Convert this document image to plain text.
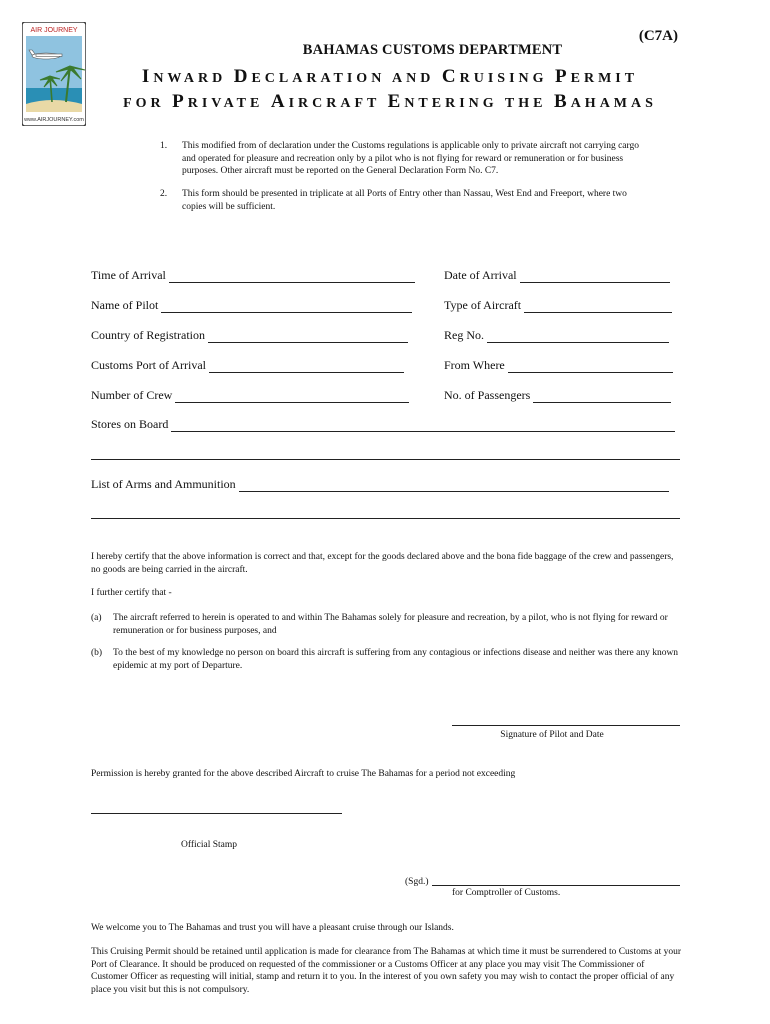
AIR JOURNEY
www.AIRJOURNEY.com
(C7A)
BAHAMAS CUSTOMS DEPARTMENT
INWARD DECLARATION AND CRUISING PERMIT
FOR PRIVATE AIRCRAFT ENTERING THE BAHAMAS
1. This modified from of declaration under the Customs regulations is applicable only to private aircraft not carrying cargo and operated for pleasure and recreation only by a pilot who is not flying for reward or remuneration or for business purposes. Other aircraft must be reported on the General Declaration Form No. C7.
2. This form should be presented in triplicate at all Ports of Entry other than Nassau, West End and Freeport, where two copies will be sufficient.
Time of Arrival	Date of Arrival
Name of Pilot	Type of Aircraft
Country of Registration	Reg No.
Customs Port of Arrival	From Where
Number of Crew	No. of Passengers
Stores on Board
List of Arms and Ammunition
I hereby certify that the above information is correct and that, except for the goods declared above and the bona fide baggage of the crew and passengers, no goods are being carried in the aircraft.
I further certify that -
(a) The aircraft referred to herein is operated to and within The Bahamas solely for pleasure and recreation, by a pilot, who is not flying for reward or remuneration or for business purposes, and
(b) To the best of my knowledge no person on board this aircraft is suffering from any contagious or infections disease and neither was there any known epidemic at my port of Departure.
Signature of Pilot and Date
Permission is hereby granted for the above described Aircraft to cruise The Bahamas for a period not exceeding
Official Stamp
(Sgd.)
for Comptroller of Customs.
We welcome you to The Bahamas and trust you will have a pleasant cruise through our Islands.
This Cruising Permit should be retained until application is made for clearance from The Bahamas at which time it must be surrendered to Customs at your Port of Clearance. It should be produced on requested of the commissioner or a Customs Officer at any place you may visit The Commissioner of Customer Officer as requesting will initial, stamp and return it to you. In the interest of you own safety you may wish to contact the proper official of any place you visit but this is not compulsory.
